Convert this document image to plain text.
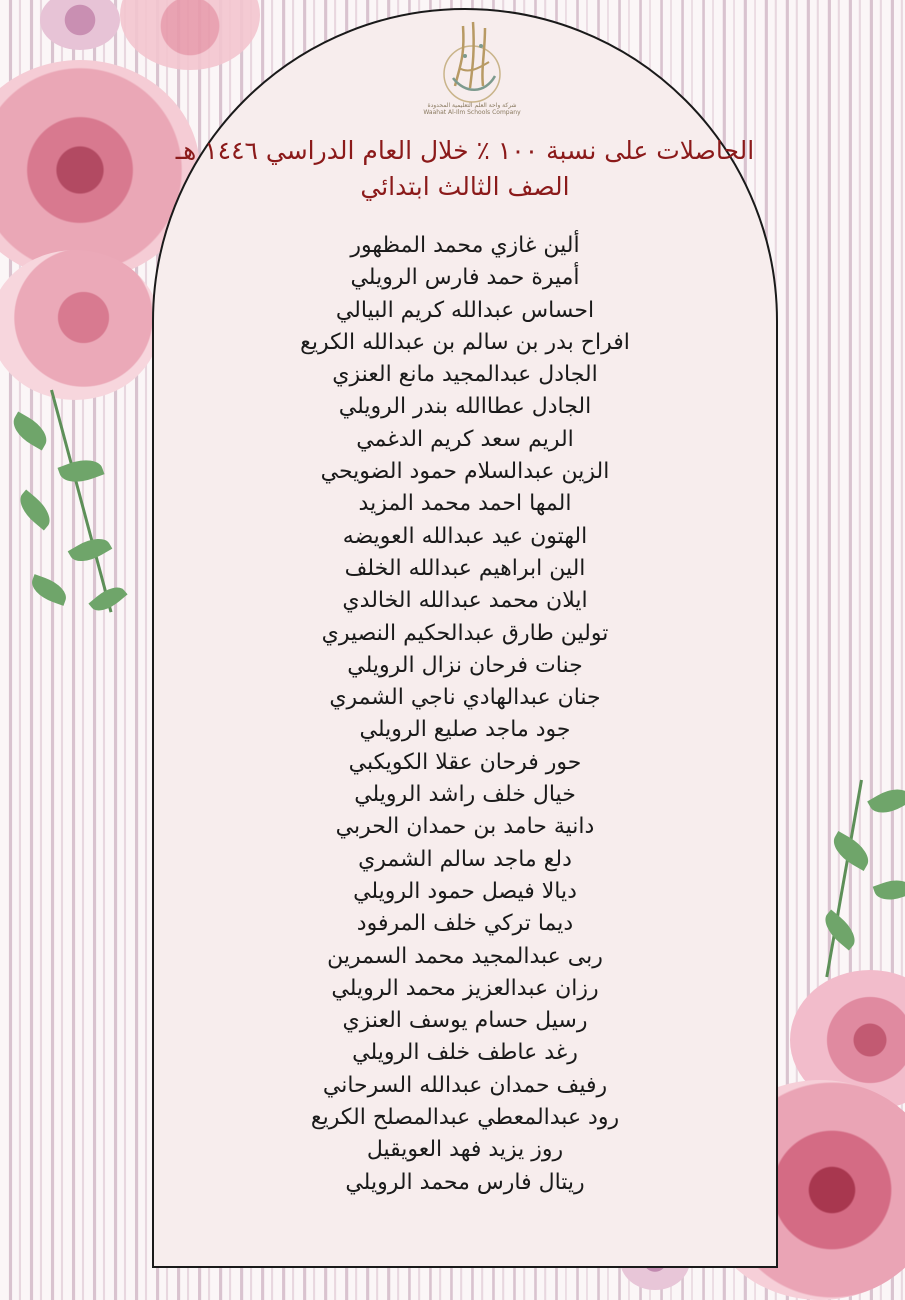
شركة واحة العلم التعليمية المحدودة Waahat Al-Ilm Schools Company
الحاصلات على نسبة ١٠٠ ٪ خلال العام الدراسي ١٤٤٦ هـ
الصف الثالث ابتدائي
ألين غازي محمد المظهور
أميرة حمد فارس الرويلي
احساس عبدالله كريم البيالي
افراح بدر بن سالم بن عبدالله الكريع
الجادل عبدالمجيد مانع العنزي
الجادل عطاالله بندر الرويلي
الريم سعد كريم الدغمي
الزين عبدالسلام حمود الضويحي
المها احمد محمد المزيد
الهتون عيد عبدالله العويضه
الين ابراهيم عبدالله الخلف
ايلان محمد عبدالله الخالدي
تولين طارق عبدالحكيم النصيري
جنات فرحان نزال الرويلي
جنان عبدالهادي ناجي الشمري
جود ماجد صليع الرويلي
حور فرحان عقلا الكويكبي
خيال خلف راشد الرويلي
دانية حامد بن حمدان الحربي
دلع ماجد سالم الشمري
ديالا فيصل حمود الرويلي
ديما تركي خلف المرفود
ربى عبدالمجيد محمد السمرين
رزان عبدالعزيز محمد الرويلي
رسيل حسام يوسف العنزي
رغد عاطف خلف الرويلي
رفيف حمدان عبدالله السرحاني
رود عبدالمعطي عبدالمصلح الكريع
روز يزيد فهد العويقيل
ريتال فارس محمد الرويلي
